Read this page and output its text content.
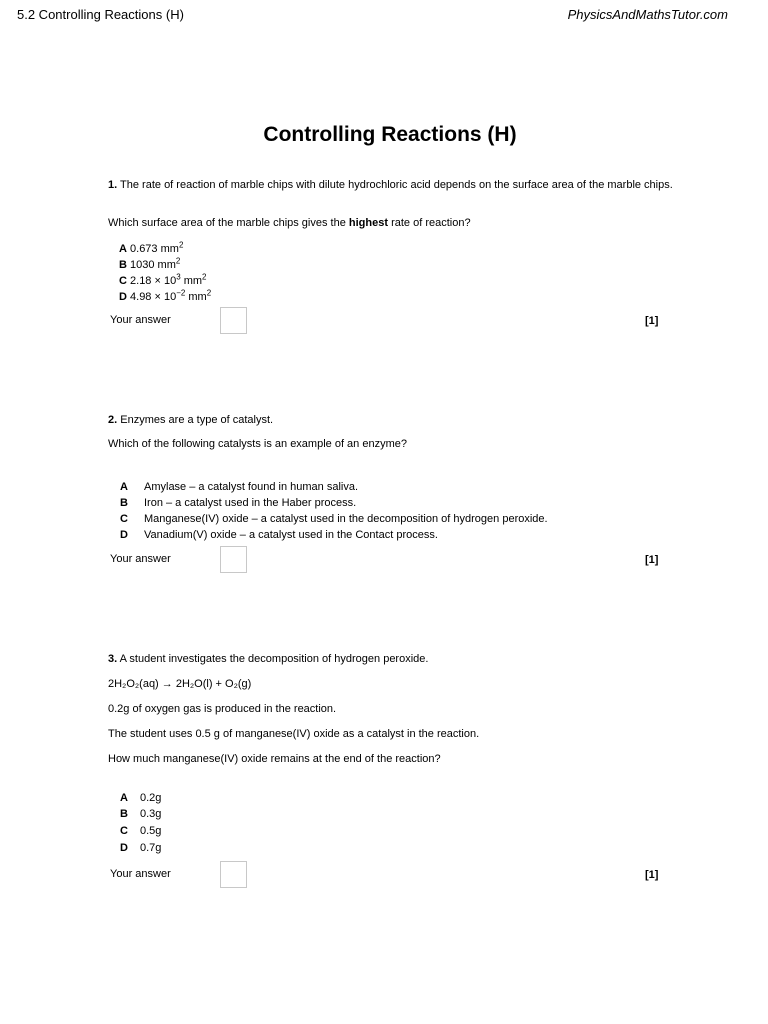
5.2 Controlling Reactions (H)	PhysicsAndMathsTutor.com
Controlling Reactions (H)
1. The rate of reaction of marble chips with dilute hydrochloric acid depends on the surface area of the marble chips.
Which surface area of the marble chips gives the highest rate of reaction?
A 0.673 $mm^2$
B 1030 $mm^2$
C $2.18 \times 10^3$ $mm^2$
D $4.98 \times 10^{-2}$ $mm^2$
Your answer	[1]
2. Enzymes are a type of catalyst.
Which of the following catalysts is an example of an enzyme?
A Amylase – a catalyst found in human saliva.
B Iron – a catalyst used in the Haber process.
C Manganese(IV) oxide – a catalyst used in the decomposition of hydrogen peroxide.
D Vanadium(V) oxide – a catalyst used in the Contact process.
Your answer	[1]
3. A student investigates the decomposition of hydrogen peroxide.
2H₂O₂(aq) → 2H₂O(l) + O₂(g)
0.2g of oxygen gas is produced in the reaction.
The student uses 0.5 g of manganese(IV) oxide as a catalyst in the reaction.
How much manganese(IV) oxide remains at the end of the reaction?
A 0.2g
B 0.3g
C 0.5g
D 0.7g
Your answer	[1]
